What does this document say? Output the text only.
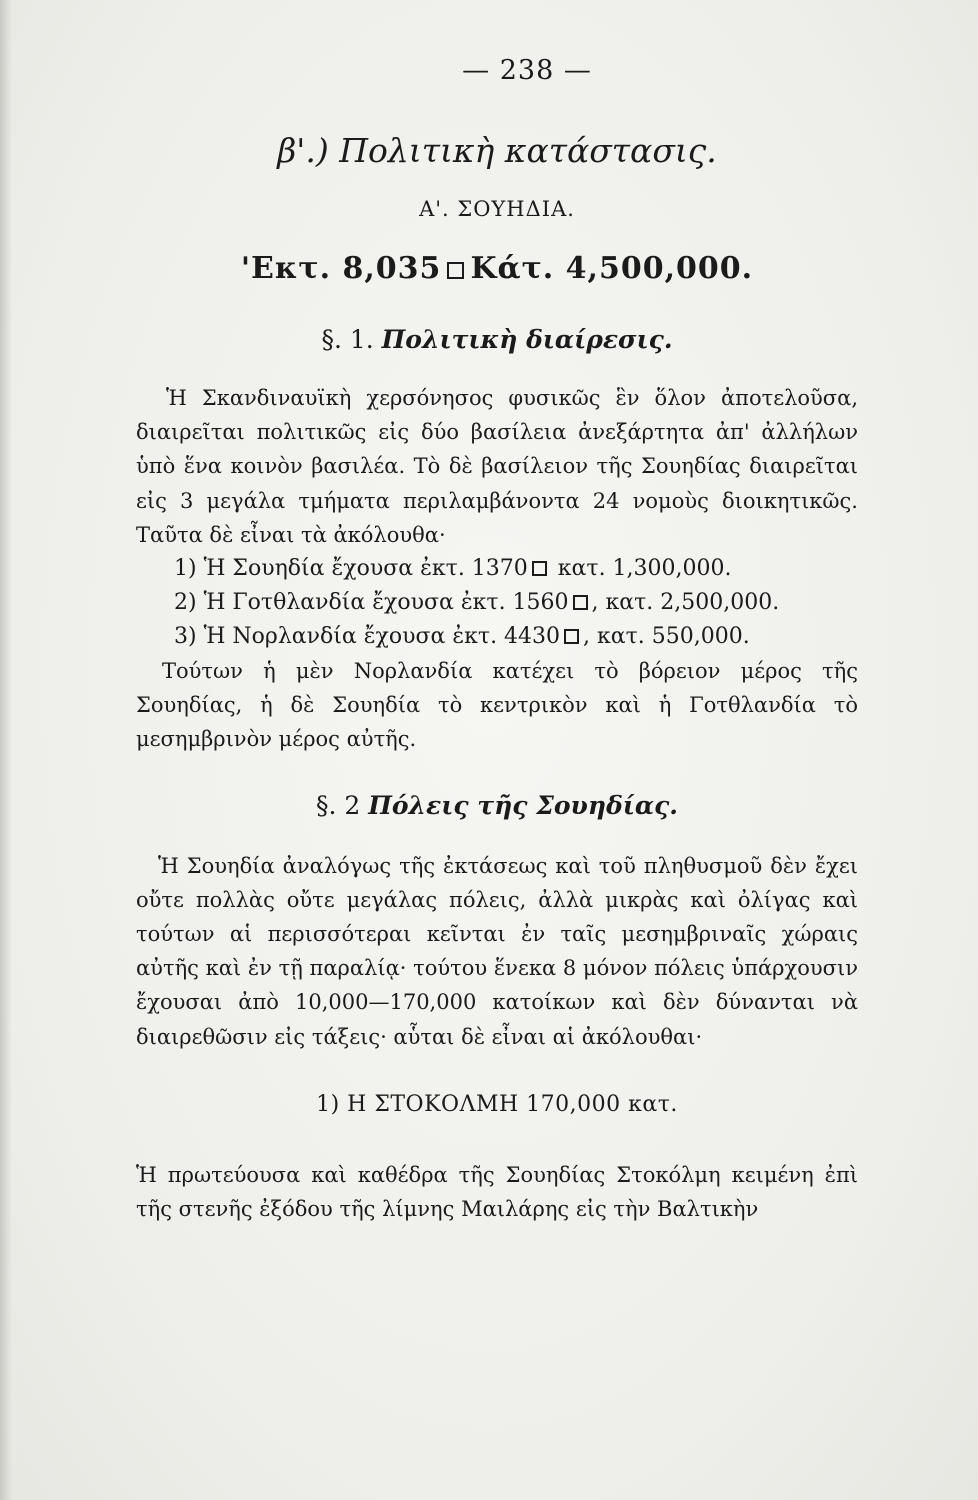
— 238 —
β'.) Πολιτικὴ κατάστασις.
Α'. ΣΟΥΗΔΙΑ.
'Εκτ. 8,035 Κάτ. 4,500,000.
§. 1. Πολιτικὴ διαίρεσις.

Ἡ Σκανδιναυϊκὴ χερσόνησος φυσικῶς ἓν ὅλον ἀποτελοῦσα, διαιρεῖται πολιτικῶς εἰς δύο βασίλεια ἀνεξάρτητα ἀπ' ἀλλήλων ὑπὸ ἕνα κοινὸν βασιλέα. Τὸ δὲ βασίλειον τῆς Σουηδίας διαιρεῖται εἰς 3 μεγάλα τμήματα περιλαμβάνοντα 24 νομοὺς διοικητικῶς. Ταῦτα δὲ εἶναι τὰ ἀκόλουθα·

1) Ἡ Σουηδία ἔχουσα ἐκτ. 1370 κατ. 1,300,000.
2) Ἡ Γοτθλανδία ἔχουσα ἐκτ. 1560 , κατ. 2,500,000.
3) Ἡ Νορλανδία ἔχουσα ἐκτ. 4430 , κατ. 550,000.

Τούτων ἡ μὲν Νορλανδία κατέχει τὸ βόρειον μέρος τῆς Σουηδίας, ἡ δὲ Σουηδία τὸ κεντρικὸν καὶ ἡ Γοτθλανδία τὸ μεσημβρινὸν μέρος αὐτῆς.

§. 2 Πόλεις τῆς Σουηδίας.

Ἡ Σουηδία ἀναλόγως τῆς ἐκτάσεως καὶ τοῦ πληθυσμοῦ δὲν ἔχει οὔτε πολλὰς οὔτε μεγάλας πόλεις, ἀλλὰ μικρὰς καὶ ὀλίγας καὶ τούτων αἱ περισσότεραι κεῖνται ἐν ταῖς μεσημβριναῖς χώραις αὐτῆς καὶ ἐν τῇ παραλίᾳ· τούτου ἕνεκα 8 μόνον πόλεις ὑπάρχουσιν ἔχουσαι ἀπὸ 10,000—170,000 κατοίκων καὶ δὲν δύνανται νὰ διαιρεθῶσιν εἰς τάξεις· αὗται δὲ εἶναι αἱ ἀκόλουθαι·

1) Η ΣΤΟΚΟΛΜΗ 170,000 κατ.

Ἡ πρωτεύουσα καὶ καθέδρα τῆς Σουηδίας Στοκόλμη κειμένη ἐπὶ τῆς στενῆς ἐξόδου τῆς λίμνης Μαιλάρης εἰς τὴν Βαλτικὴν
